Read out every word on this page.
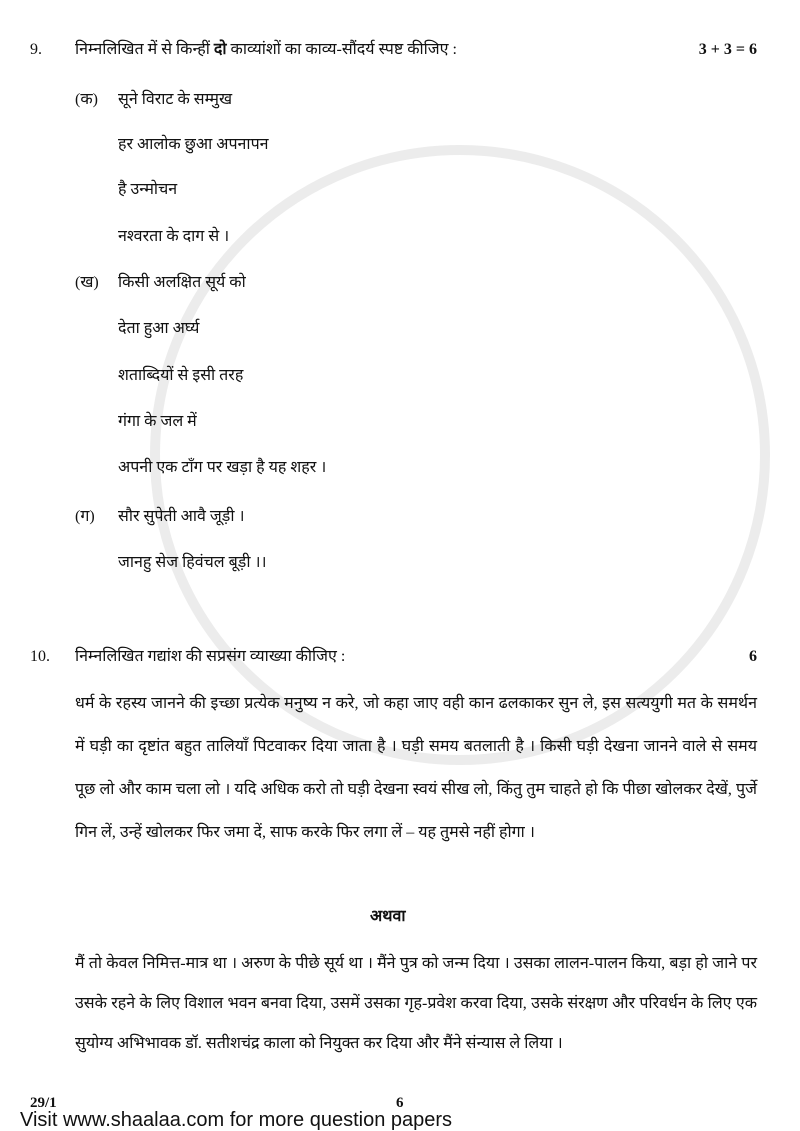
9. निम्नलिखित में से किन्हीं दो काव्यांशों का काव्य-सौंदर्य स्पष्ट कीजिए :	3 + 3 = 6
(क) सूने विराट के सम्मुख
हर आलोक छुआ अपनापन
है उन्मोचन
नश्वरता के दाग से ।
(ख) किसी अलक्षित सूर्य को
देता हुआ अर्घ्य
शताब्दियों से इसी तरह
गंगा के जल में
अपनी एक टाँग पर खड़ा है यह शहर ।
(ग) सौर सुपेती आवै जूड़ी ।
जानहु सेज हिवंचल बूड़ी ।।
10. निम्नलिखित गद्यांश की सप्रसंग व्याख्या कीजिए :	6
धर्म के रहस्य जानने की इच्छा प्रत्येक मनुष्य न करे, जो कहा जाए वही कान ढलकाकर सुन ले, इस सत्ययुगी मत के समर्थन में घड़ी का दृष्टांत बहुत तालियाँ पिटवाकर दिया जाता है । घड़ी समय बतलाती है । किसी घड़ी देखना जानने वाले से समय पूछ लो और काम चला लो । यदि अधिक करो तो घड़ी देखना स्वयं सीख लो, किंतु तुम चाहते हो कि पीछा खोलकर देखें, पुर्जे गिन लें, उन्हें खोलकर फिर जमा दें, साफ करके फिर लगा लें – यह तुमसे नहीं होगा ।
अथवा
मैं तो केवल निमित्त-मात्र था । अरुण के पीछे सूर्य था । मैंने पुत्र को जन्म दिया । उसका लालन-पालन किया, बड़ा हो जाने पर उसके रहने के लिए विशाल भवन बनवा दिया, उसमें उसका गृह-प्रवेश करवा दिया, उसके संरक्षण और परिवर्धन के लिए एक सुयोग्य अभिभावक डॉ. सतीशचंद्र काला को नियुक्त कर दिया और मैंने संन्यास ले लिया ।
29/1	6
Visit www.shaalaa.com for more question papers
